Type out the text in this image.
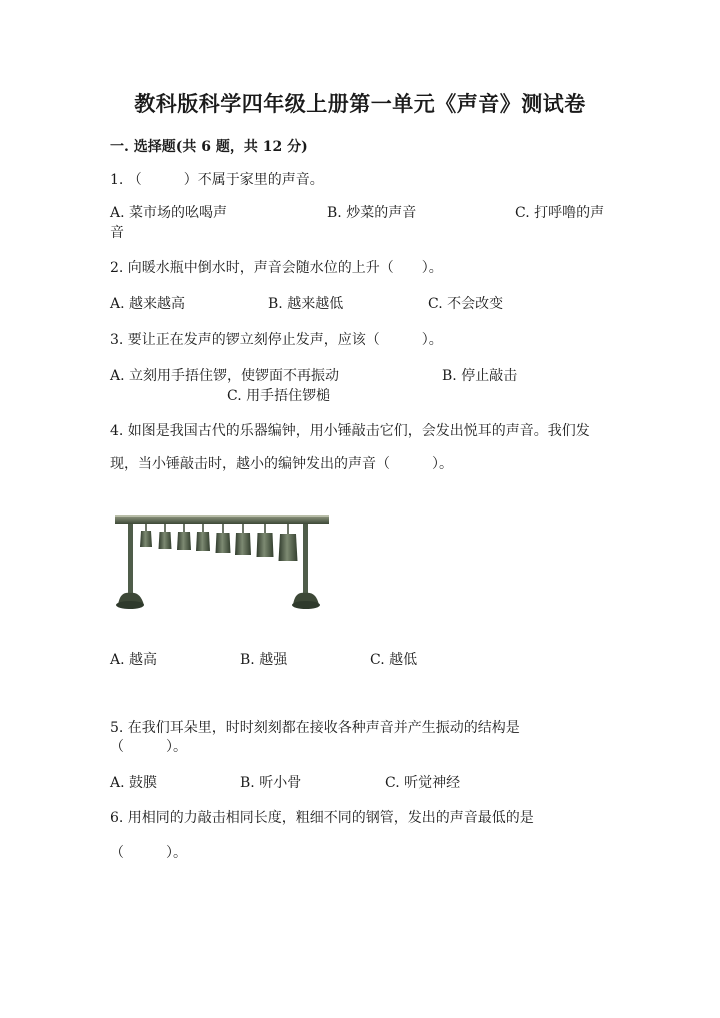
教科版科学四年级上册第一单元《声音》测试卷
一. 选择题(共 6 题，共 12 分)
1. （　　　）不属于家里的声音。
A. 菜市场的吆喝声	B. 炒菜的声音	C. 打呼噜的声
音
2. 向暖水瓶中倒水时，声音会随水位的上升（　　）。
A. 越来越高	B. 越来越低	C. 不会改变
3. 要让正在发声的锣立刻停止发声，应该（　　　）。
A. 立刻用手捂住锣，使锣面不再振动	B. 停止敲击
C. 用手捂住锣槌
4. 如图是我国古代的乐器编钟，用小锤敲击它们，会发出悦耳的声音。我们发
现，当小锤敲击时，越小的编钟发出的声音（　　　）。
A. 越高	B. 越强	C. 越低
5. 在我们耳朵里，时时刻刻都在接收各种声音并产生振动的结构是
（　　　）。
A. 鼓膜	B. 听小骨	C. 听觉神经
6. 用相同的力敲击相同长度，粗细不同的钢管，发出的声音最低的是
（　　　）。
